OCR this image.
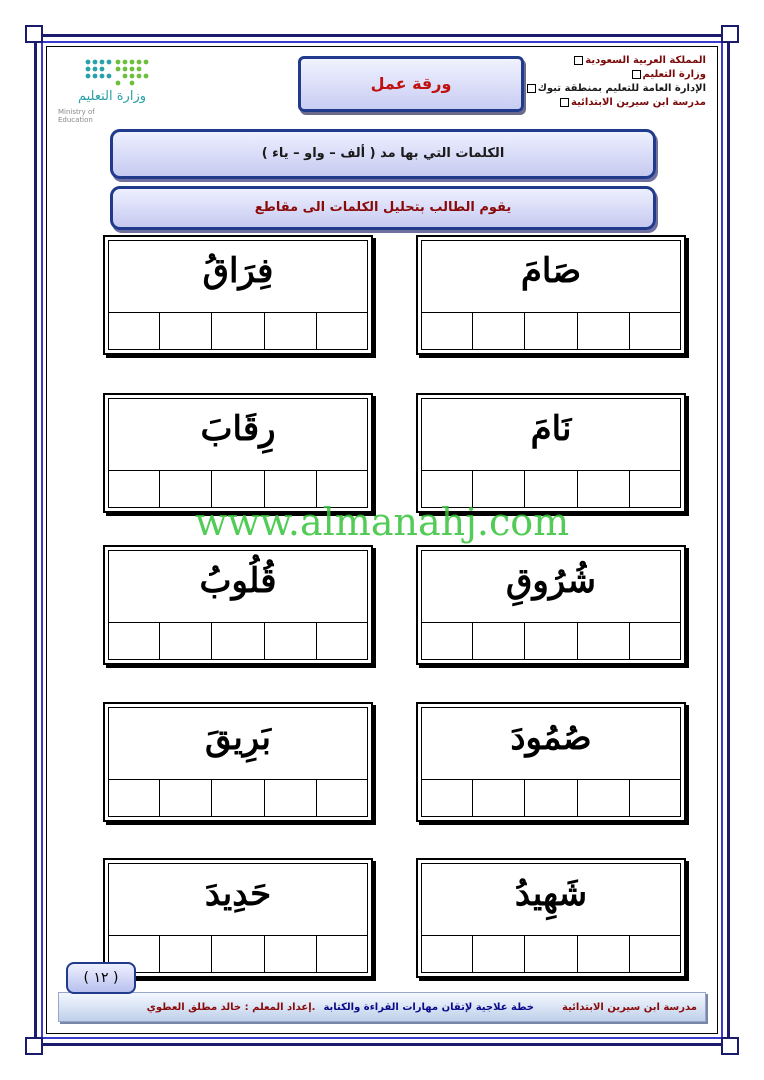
المملكة العربية السعودية
وزارة التعليم
الإدارة العامة للتعليم بمنطقة تبوك
مدرسة ابن سيرين الابتدائية
ورقة عمل
وزارة التعليم
Ministry of Education
الكلمات التي بها مد ( ألف – واو – ياء )
يقوم الطالب بتحليل الكلمات الى مقاطع
فِرَاقُ	صَامَ
رِقَابَ	نَامَ
قُلُوبُ	شُرُوقِ
بَرِيقَ	صُمُودَ
حَدِيدَ	شَهِيدُ
www.almanahj.com
مدرسة ابن سيرين الابتدائية
خطة علاجية لإتقان مهارات القراءة والكتابة
.إعداد المعلم : خالد مطلق العطوي
( ١٢ )
